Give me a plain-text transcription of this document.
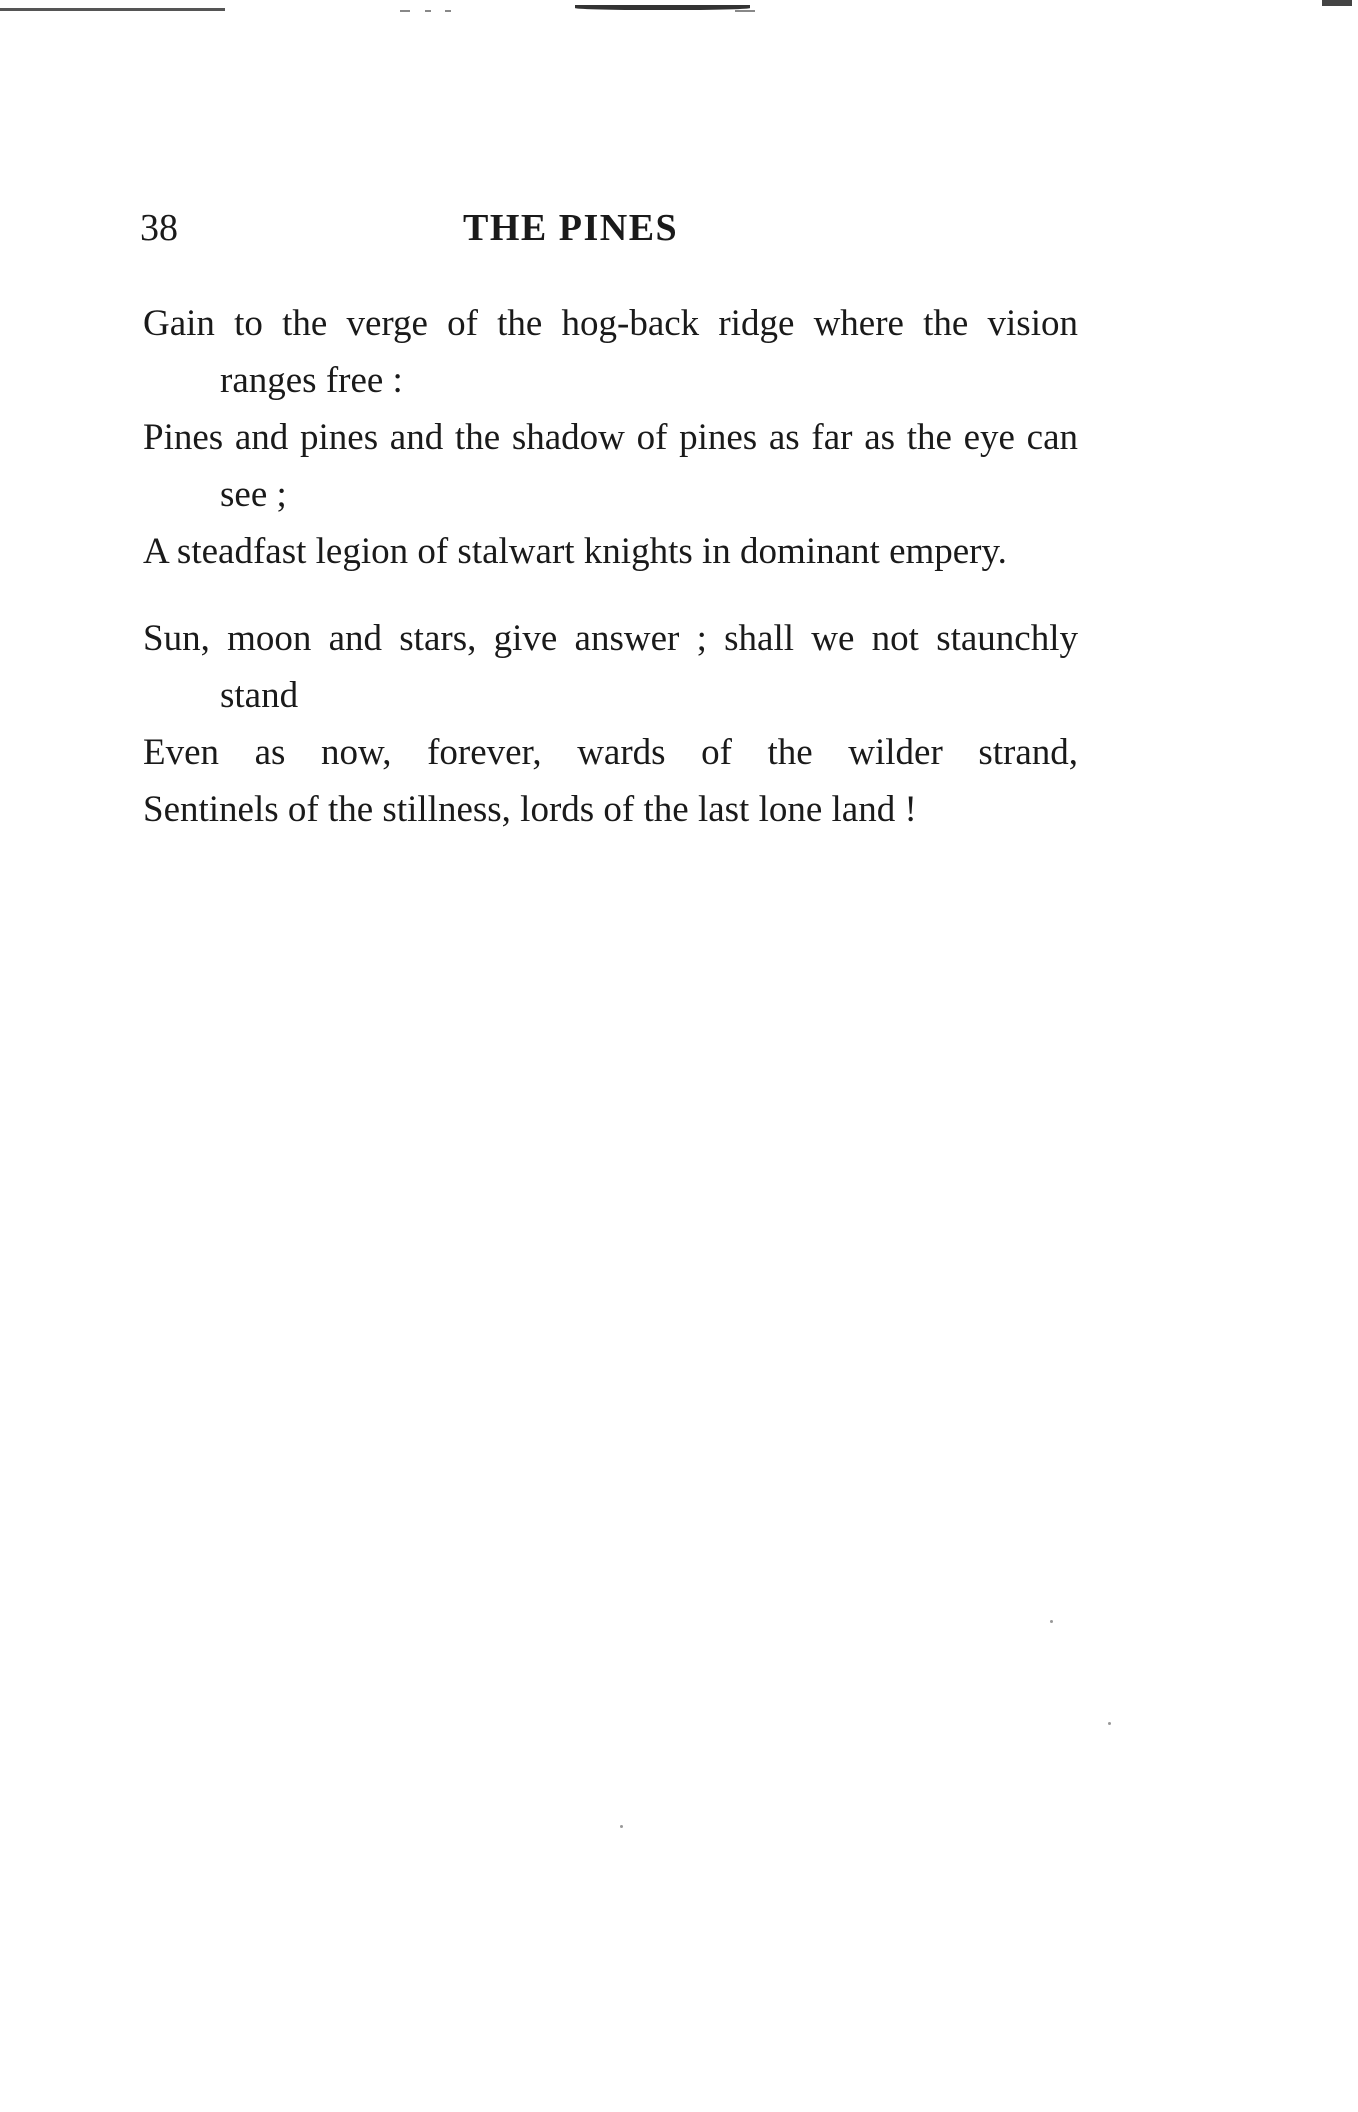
38	THE PINES

Gain to the verge of the hog-back ridge where the vision ranges free :

Pines and pines and the shadow of pines as far as the eye can see ;

A steadfast legion of stalwart knights in dominant empery.

Sun, moon and stars, give answer ; shall we not staunchly stand

Even as now, forever, wards of the wilder strand,

Sentinels of the stillness, lords of the last lone land !
